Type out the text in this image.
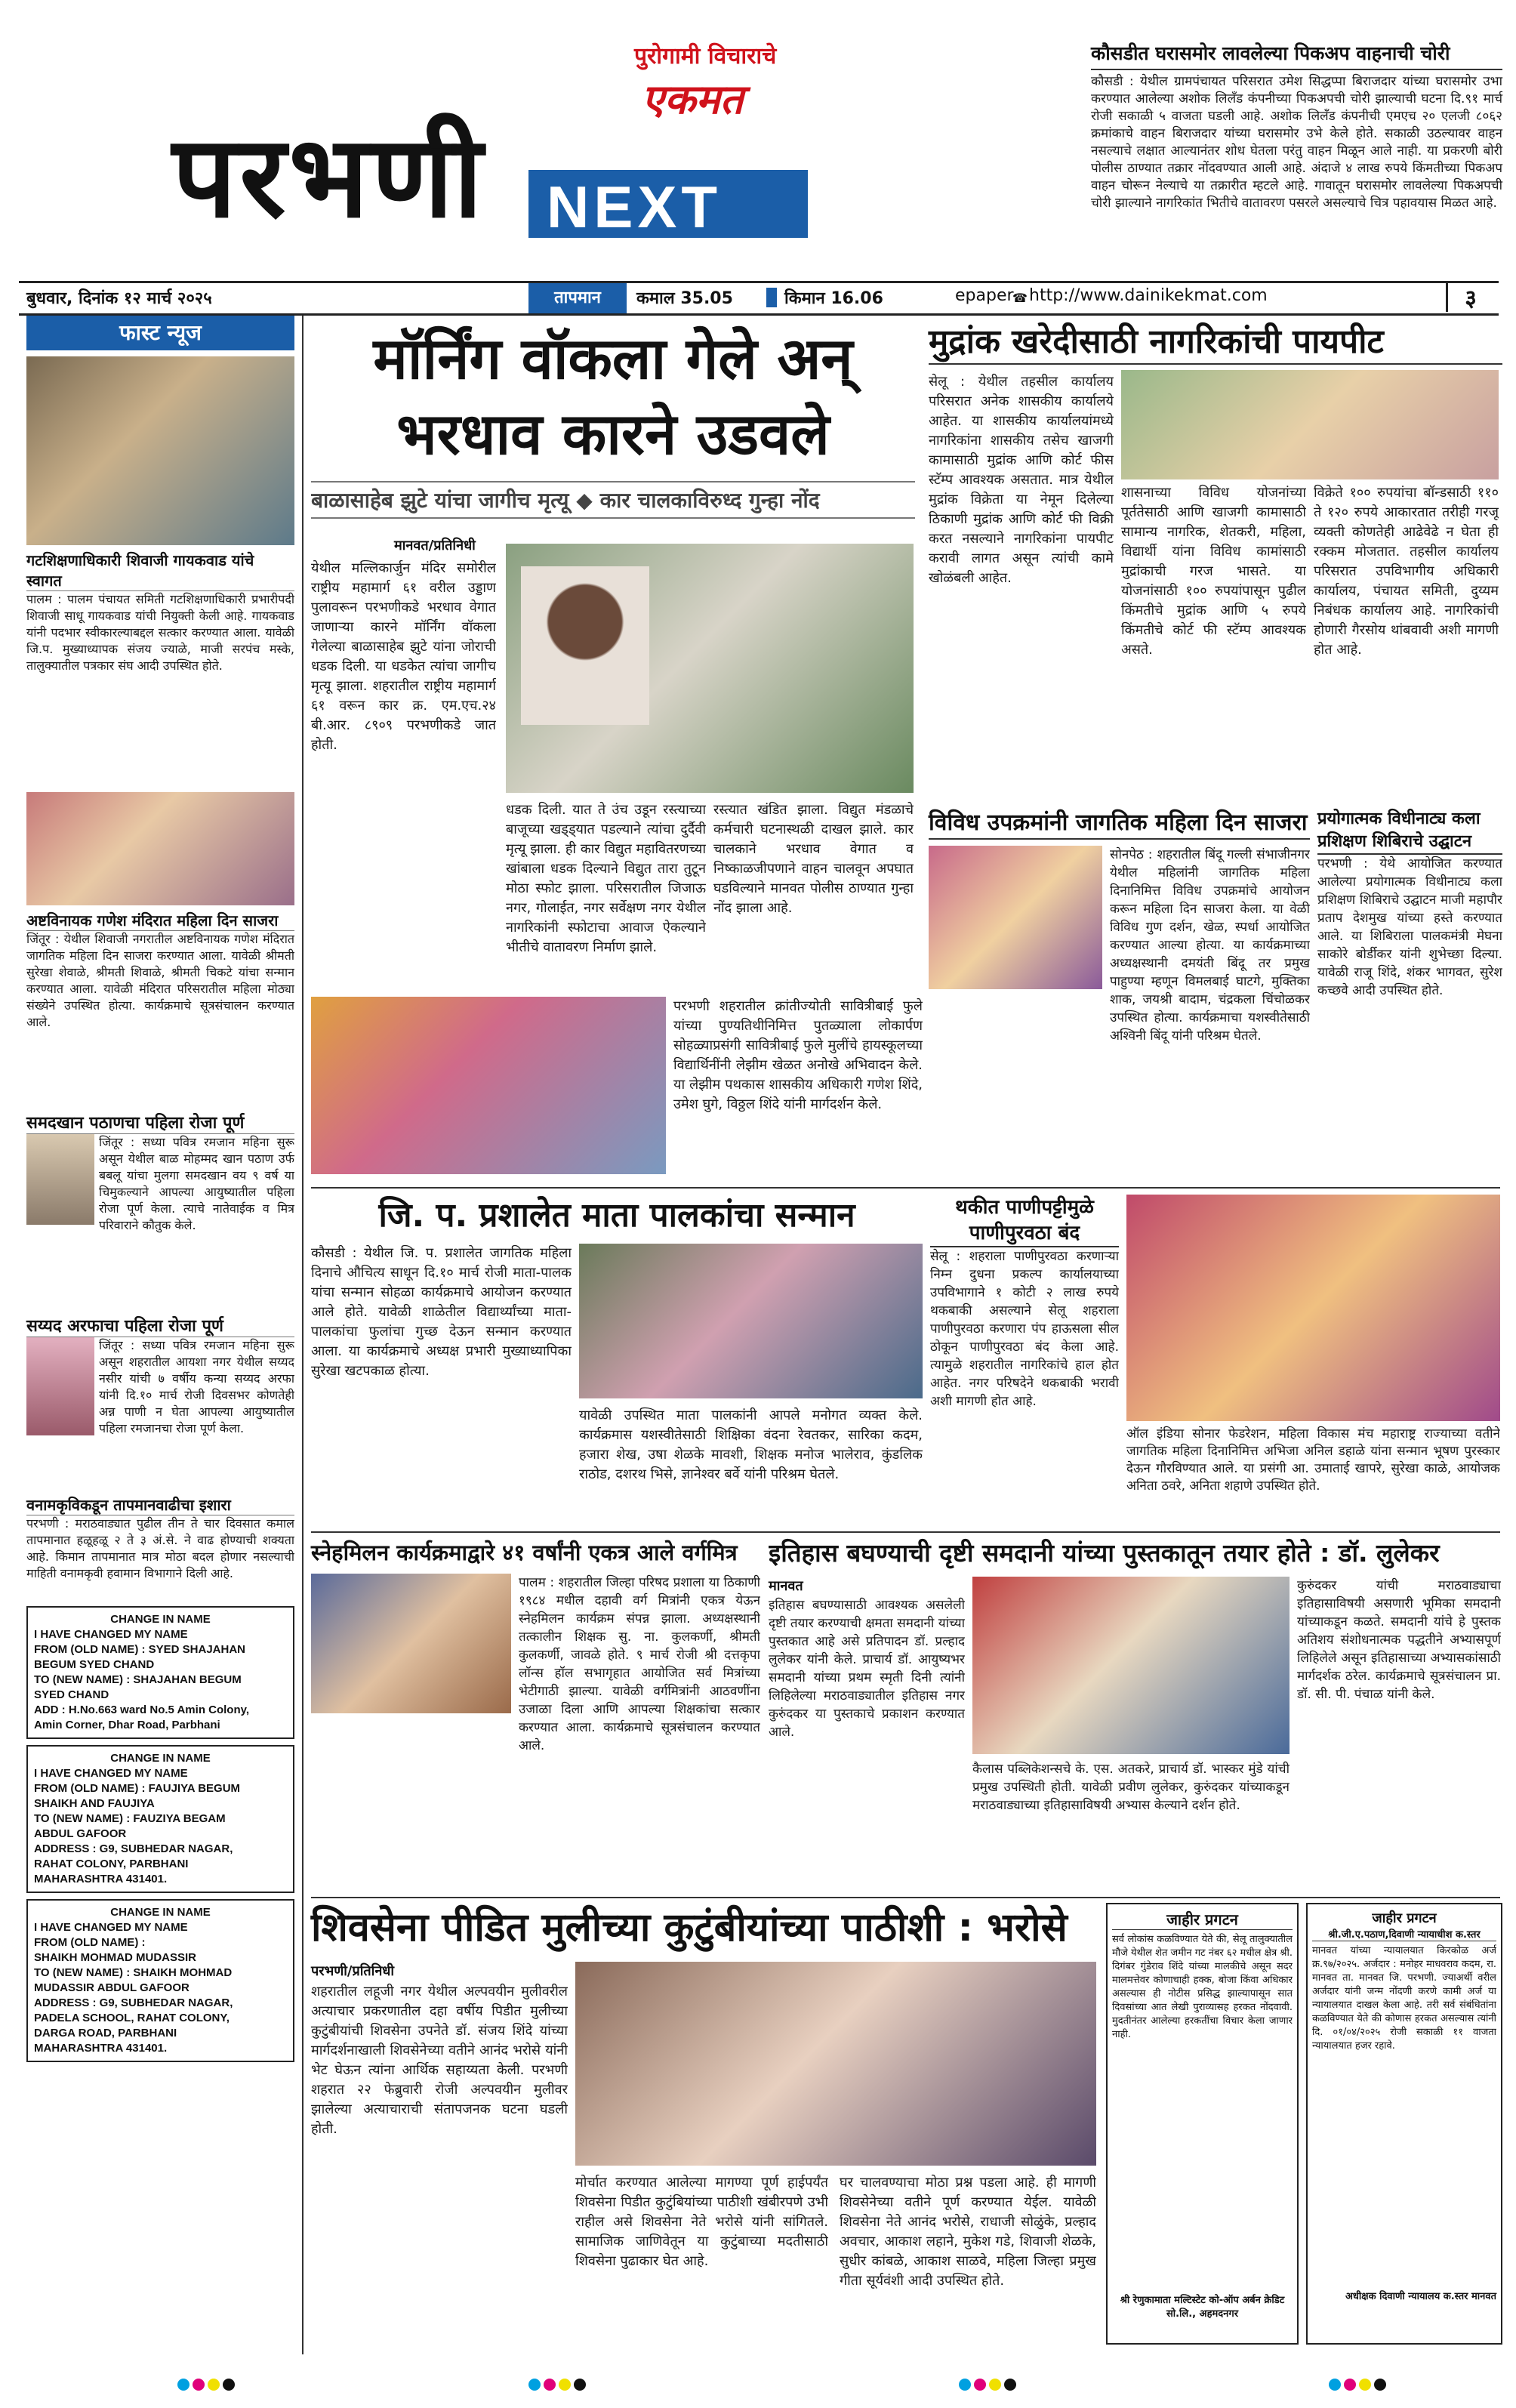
पुरोगामी विचाराचे
एकमत
परभणी NEXT
कौसडीत घरासमोर लावलेल्या पिकअप वाहनाची चोरी
कौसडी : येथील ग्रामपंचायत परिसरात उमेश सिद्धप्पा बिराजदार यांच्या घरासमोर उभा करण्यात आलेल्या अशोक लिलँड कंपनीच्या पिकअपची चोरी झाल्याची घटना दि.९१ मार्च रोजी सकाळी ५ वाजता घडली आहे. अशोक लिलँड कंपनीची एमएच २० एलजी ८०६२ क्रमांकाचे वाहन बिराजदार यांच्या घरासमोर उभे केले होते. सकाळी उठल्यावर वाहन नसल्याचे लक्षात आल्यानंतर शोध घेतला परंतु वाहन मिळून आले नाही. या प्रकरणी बोरी पोलीस ठाण्यात तक्रार नोंदवण्यात आली आहे. अंदाजे ४ लाख रुपये किंमतीच्या पिकअप वाहन चोरून नेल्याचे या तक्रारीत म्हटले आहे. गावातून घरासमोर लावलेल्या पिकअपची चोरी झाल्याने नागरिकांत भितीचे वातावरण पसरले असल्याचे चित्र पहावयास मिळत आहे.
बुधवार, दिनांक १२ मार्च २०२५	तापमान	कमाल 35.05	किमान 16.06	epaper
☎ http://www.dainikekmat.com	३
फास्ट न्यूज
गटशिक्षणाधिकारी शिवाजी गायकवाड यांचे स्वागत
पालम : पालम पंचायत समिती गटशिक्षणाधिकारी प्रभारीपदी शिवाजी साधू गायकवाड यांची नियुक्ती केली आहे. गायकवाड यांनी पदभार स्वीकारल्याबद्दल सत्कार करण्यात आला. यावेळी जि.प. मुख्याध्यापक संजय ज्याळे, माजी सरपंच मस्के, तालुक्यातील पत्रकार संघ आदी उपस्थित होते.
अष्टविनायक गणेश मंदिरात महिला दिन साजरा
जिंतूर : येथील शिवाजी नगरातील अष्टविनायक गणेश मंदिरात जागतिक महिला दिन साजरा करण्यात आला. यावेळी श्रीमती सुरेखा शेवाळे, श्रीमती शिवाळे, श्रीमती चिकटे यांचा सन्मान करण्यात आला. यावेळी मंदिरात परिसरातील महिला मोठ्या संख्येने उपस्थित होत्या. कार्यक्रमाचे सूत्रसंचालन करण्यात आले.
समदखान पठाणचा पहिला रोजा पूर्ण
जिंतूर : सध्या पवित्र रमजान महिना सुरू असून येथील बाळ मोहम्मद खान पठाण उर्फ बबलू यांचा मुलगा समदखान वय ९ वर्ष या चिमुकल्याने आपल्या आयुष्यातील पहिला रोजा पूर्ण केला. त्याचे नातेवाईक व मित्र परिवाराने कौतुक केले.
सय्यद अरफाचा पहिला रोजा पूर्ण
जिंतूर : सध्या पवित्र रमजान महिना सुरू असून शहरातील आयशा नगर येथील सय्यद नसीर यांची ७ वर्षीय कन्या सय्यद अरफा यांनी दि.१० मार्च रोजी दिवसभर कोणतेही अन्न पाणी न घेता आपल्या आयुष्यातील पहिला रमजानचा रोजा पूर्ण केला.
वनामकृविकडून तापमानवाढीचा इशारा
परभणी : मराठवाड्यात पुढील तीन ते चार दिवसात कमाल तापमानात हळूहळू २ ते ३ अं.से. ने वाढ होण्याची शक्यता आहे. किमान तापमानात मात्र मोठा बदल होणार नसल्याची माहिती वनामकृवी हवामान विभागाने दिली आहे.
CHANGE IN NAME
I HAVE CHANGED MY NAME
FROM (OLD NAME) : SYED SHAJAHAN
BEGUM SYED CHAND
TO (NEW NAME) : SHAJAHAN BEGUM
SYED CHAND
ADD : H.No.663 ward No.5 Amin Colony,
Amin Corner, Dhar Road, Parbhani
CHANGE IN NAME
I HAVE CHANGED MY NAME
FROM (OLD NAME) : FAUJIYA BEGUM
SHAIKH AND FAUJIYA
TO (NEW NAME) : FAUZIYA BEGAM
ABDUL GAFOOR
ADDRESS : G9, SUBHEDAR NAGAR,
RAHAT COLONY, PARBHANI
MAHARASHTRA 431401.
CHANGE IN NAME
I HAVE CHANGED MY NAME
FROM (OLD NAME) :
SHAIKH MOHMAD MUDASSIR
TO (NEW NAME) : SHAIKH MOHMAD
MUDASSIR ABDUL GAFOOR
ADDRESS : G9, SUBHEDAR NAGAR,
PADELA SCHOOL, RAHAT COLONY,
DARGA ROAD, PARBHANI
MAHARASHTRA 431401.
मॉर्निंग वॉकला गेले अन्
भरधाव कारने उडवले
बाळासाहेब झुटे यांचा जागीच मृत्यू ◆ कार चालकाविरुध्द गुन्हा नोंद
मानवत/प्रतिनिधी
येथील मल्लिकार्जुन मंदिर समोरील राष्ट्रीय महामार्ग ६१ वरील उड्डाण पुलावरून परभणीकडे भरधाव वेगात जाणाऱ्या कारने मॉर्निंग वॉकला गेलेल्या बाळासाहेब झुटे यांना जोराची धडक दिली. या धडकेत त्यांचा जागीच मृत्यू झाला. शहरातील राष्ट्रीय महामार्ग ६१ वरून कार क्र. एम.एच.२४ बी.आर. ८९०९ परभणीकडे जात होती.
धडक दिली. यात ते उंच उडून रस्त्याच्या बाजूच्या खड्ड्यात पडल्याने त्यांचा दुर्दैवी मृत्यू झाला. ही कार विद्युत महावितरणच्या खांबाला धडक दिल्याने विद्युत तारा तुटून मोठा स्फोट झाला. परिसरातील जिजाऊ नगर, गोलाईत, नगर सर्वेक्षण नगर येथील नागरिकांनी स्फोटाचा आवाज ऐकल्याने भीतीचे वातावरण निर्माण झाले.
रस्त्यात खंडित झाला. विद्युत मंडळाचे कर्मचारी घटनास्थळी दाखल झाले. कार चालकाने भरधाव वेगात व निष्काळजीपणाने वाहन चालवून अपघात घडविल्याने मानवत पोलीस ठाण्यात गुन्हा नोंद झाला आहे.
मुद्रांक खरेदीसाठी नागरिकांची पायपीट
सेलू : येथील तहसील कार्यालय परिसरात अनेक शासकीय कार्यालये आहेत. या शासकीय कार्यालयांमध्ये नागरिकांना शासकीय तसेच खाजगी कामासाठी मुद्रांक आणि कोर्ट फीस स्टॅम्प आवश्यक असतात. मात्र येथील मुद्रांक विक्रेता या नेमून दिलेल्या ठिकाणी मुद्रांक आणि कोर्ट फी विक्री करत नसल्याने नागरिकांना पायपीट करावी लागत असून त्यांची कामे खोळंबली आहेत.
शासनाच्या विविध योजनांच्या पूर्ततेसाठी आणि खाजगी कामासाठी सामान्य नागरिक, शेतकरी, महिला, विद्यार्थी यांना विविध कामांसाठी मुद्रांकाची गरज भासते. या योजनांसाठी १०० रुपयांपासून पुढील किंमतीचे मुद्रांक आणि ५ रुपये किंमतीचे कोर्ट फी स्टॅम्प आवश्यक असते.
विक्रेते १०० रुपयांचा बॉन्डसाठी ११० ते १२० रुपये आकारतात तरीही गरजू व्यक्ती कोणतेही आढेवेढे न घेता ही रक्कम मोजतात. तहसील कार्यालय परिसरात उपविभागीय अधिकारी कार्यालय, पंचायत समिती, दुय्यम निबंधक कार्यालय आहे. नागरिकांची होणारी गैरसोय थांबवावी अशी मागणी होत आहे.
विविध उपक्रमांनी जागतिक महिला दिन साजरा
सोनपेठ : शहरातील बिंदू गल्ली संभाजीनगर येथील महिलांनी जागतिक महिला दिनानिमित्त विविध उपक्रमांचे आयोजन करून महिला दिन साजरा केला. या वेळी विविध गुण दर्शन, खेळ, स्पर्धा आयोजित करण्यात आल्या होत्या. या कार्यक्रमाच्या अध्यक्षस्थानी दमयंती बिंदू तर प्रमुख पाहुण्या म्हणून विमलबाई घाटगे, मुक्तिका शाक, जयश्री बादाम, चंद्रकला चिंचोळकर उपस्थित होत्या. कार्यक्रमाचा यशस्वीतेसाठी अश्विनी बिंदू यांनी परिश्रम घेतले.
प्रयोगात्मक विधीनाट्य कला
प्रशिक्षण शिबिराचे उद्घाटन
परभणी : येथे आयोजित करण्यात आलेल्या प्रयोगात्मक विधीनाट्य कला प्रशिक्षण शिबिराचे उद्घाटन माजी महापौर प्रताप देशमुख यांच्या हस्ते करण्यात आले. या शिबिराला पालकमंत्री मेघना साकोरे बोर्डीकर यांनी शुभेच्छा दिल्या. यावेळी राजू शिंदे, शंकर भागवत, सुरेश कच्छवे आदी उपस्थित होते.
परभणी शहरातील क्रांतीज्योती सावित्रीबाई फुले यांच्या पुण्यतिथीनिमित्त पुतळ्याला लोकार्पण सोहळ्याप्रसंगी सावित्रीबाई फुले मुलींचे हायस्कूलच्या विद्यार्थिनींनी लेझीम खेळत अनोखे अभिवादन केले. या लेझीम पथकास शासकीय अधिकारी गणेश शिंदे, उमेश घुगे, विठ्ठल शिंदे यांनी मार्गदर्शन केले.
जि. प. प्रशालेत माता पालकांचा सन्मान
कौसडी : येथील जि. प. प्रशालेत जागतिक महिला दिनाचे औचित्य साधून दि.१० मार्च रोजी माता-पालक यांचा सन्मान सोहळा कार्यक्रमाचे आयोजन करण्यात आले होते. यावेळी शाळेतील विद्यार्थ्यांच्या माता-पालकांचा फुलांचा गुच्छ देऊन सन्मान करण्यात आला. या कार्यक्रमाचे अध्यक्ष प्रभारी मुख्याध्यापिका सुरेखा खटपकाळ होत्या.
यावेळी उपस्थित माता पालकांनी आपले मनोगत व्यक्त केले. कार्यक्रमास यशस्वीतेसाठी शिक्षिका वंदना रेवतकर, सारिका कदम, हजारा शेख, उषा शेळके मावशी, शिक्षक मनोज भालेराव, कुंडलिक राठोड, दशरथ भिसे, ज्ञानेश्वर बर्वे यांनी परिश्रम घेतले.
थकीत पाणीपट्टीमुळे
पाणीपुरवठा बंद
सेलू : शहराला पाणीपुरवठा करणाऱ्या निम्न दुधना प्रकल्प कार्यालयाच्या उपविभागाने १ कोटी २ लाख रुपये थकबाकी असल्याने सेलू शहराला पाणीपुरवठा करणारा पंप हाऊसला सील ठोकून पाणीपुरवठा बंद केला आहे. त्यामुळे शहरातील नागरिकांचे हाल होत आहेत. नगर परिषदेने थकबाकी भरावी अशी मागणी होत आहे.
ऑल इंडिया सोनार फेडरेशन, महिला विकास मंच महाराष्ट्र राज्याच्या वतीने जागतिक महिला दिनानिमित्त अभिजा अनिल डहाळे यांना सन्मान भूषण पुरस्कार देऊन गौरविण्यात आले. या प्रसंगी आ. उमाताई खापरे, सुरेखा काळे, आयोजक अनिता ठवरे, अनिता शहाणे उपस्थित होते.
स्नेहमिलन कार्यक्रमाद्वारे ४१ वर्षांनी एकत्र आले वर्गमित्र
पालम : शहरातील जिल्हा परिषद प्रशाला या ठिकाणी १९८४ मधील दहावी वर्ग मित्रांनी एकत्र येऊन स्नेहमिलन कार्यक्रम संपन्न झाला. अध्यक्षस्थानी तत्कालीन शिक्षक सु. ना. कुलकर्णी, श्रीमती कुलकर्णी, जावळे होते. ९ मार्च रोजी श्री दत्तकृपा लॉन्स हॉल सभागृहात आयोजित सर्व मित्रांच्या भेटीगाठी झाल्या. यावेळी वर्गमित्रांनी आठवणींना उजाळा दिला आणि आपल्या शिक्षकांचा सत्कार करण्यात आला. कार्यक्रमाचे सूत्रसंचालन करण्यात आले.
इतिहास बघण्याची दृष्टी समदानी यांच्या पुस्तकातून तयार होते : डॉ. लुलेकर
मानवत
इतिहास बघण्यासाठी आवश्यक असलेली दृष्टी तयार करण्याची क्षमता समदानी यांच्या पुस्तकात आहे असे प्रतिपादन डॉ. प्रल्हाद लुलेकर यांनी केले. प्राचार्य डॉ. आयुष्यभर समदानी यांच्या प्रथम स्मृती दिनी त्यांनी लिहिलेल्या मराठवाड्यातील इतिहास नगर कुरुंदकर या पुस्तकाचे प्रकाशन करण्यात आले.
कैलास पब्लिकेशन्सचे के. एस. अतकरे, प्राचार्य डॉ. भास्कर मुंडे यांची प्रमुख उपस्थिती होती. यावेळी प्रवीण लुलेकर, कुरुंदकर यांच्याकडून मराठवाड्याच्या इतिहासाविषयी अभ्यास केल्याने दर्शन होते.
कुरुंदकर यांची मराठवाड्याचा इतिहासाविषयी असणारी भूमिका समदानी यांच्याकडून कळते. समदानी यांचे हे पुस्तक अतिशय संशोधनात्मक पद्धतीने अभ्यासपूर्ण लिहिलेले असून इतिहासाच्या अभ्यासकांसाठी मार्गदर्शक ठरेल. कार्यक्रमाचे सूत्रसंचालन प्रा. डॉ. सी. पी. पंचाळ यांनी केले.
शिवसेना पीडित मुलीच्या कुटुंबीयांच्या पाठीशी : भरोसे
परभणी/प्रतिनिधी
शहरातील लहूजी नगर येथील अल्पवयीन मुलीवरील अत्याचार प्रकरणातील दहा वर्षीय पिडीत मुलीच्या कुटुंबीयांची शिवसेना उपनेते डॉ. संजय शिंदे यांच्या मार्गदर्शनाखाली शिवसेनेच्या वतीने आनंद भरोसे यांनी भेट घेऊन त्यांना आर्थिक सहाय्यता केली. परभणी शहरात २२ फेब्रुवारी रोजी अल्पवयीन मुलीवर झालेल्या अत्याचाराची संतापजनक घटना घडली होती.
मोर्चात करण्यात आलेल्या मागण्या पूर्ण हाईपर्यंत शिवसेना पिडीत कुटुंबियांच्या पाठीशी खंबीरपणे उभी राहील असे शिवसेना नेते भरोसे यांनी सांगितले. सामाजिक जाणिवेतून या कुटुंबाच्या मदतीसाठी शिवसेना पुढाकार घेत आहे.
घर चालवण्याचा मोठा प्रश्न पडला आहे. ही मागणी शिवसेनेच्या वतीने पूर्ण करण्यात येईल. यावेळी शिवसेना नेते आनंद भरोसे, राधाजी सोळुंके, प्रल्हाद अवचार, आकाश लहाने, मुकेश गडे, शिवाजी शेळके, सुधीर कांबळे, आकाश साळवे, महिला जिल्हा प्रमुख गीता सूर्यवंशी आदी उपस्थित होते.
जाहीर प्रगटन
सर्व लोकांस कळविण्यात येते की, सेलू तालुक्यातील मौजे येथील शेत जमीन गट नंबर ६२ मधील क्षेत्र श्री. दिगंबर गुंडेराव शिंदे यांच्या मालकीचे असून सदर मालमत्तेवर कोणाचाही हक्क, बोजा किंवा अधिकार असल्यास ही नोटीस प्रसिद्ध झाल्यापासून सात दिवसांच्या आत लेखी पुराव्यासह हरकत नोंदवावी. मुदतीनंतर आलेल्या हरकतींचा विचार केला जाणार नाही.
श्री रेणुकामाता मल्टिस्टेट को-ऑप अर्बन क्रेडिट सो.लि., अहमदनगर
जाहीर प्रगटन
श्री.जी.ए.पठाण,दिवाणी न्यायाधीश क.स्तर
मानवत यांच्या न्यायालयात किरकोळ अर्ज क्र.९७/२०२५. अर्जदार : मनोहर माधवराव कदम, रा. मानवत ता. मानवत जि. परभणी. ज्याअर्थी वरील अर्जदार यांनी जन्म नोंदणी करणे कामी अर्ज या न्यायालयात दाखल केला आहे. तरी सर्व संबंधितांना कळविण्यात येते की कोणास हरकत असल्यास त्यांनी दि. ०१/०४/२०२५ रोजी सकाळी ११ वाजता न्यायालयात हजर रहावे.
अधीक्षक दिवाणी न्यायालय क.स्तर मानवत
